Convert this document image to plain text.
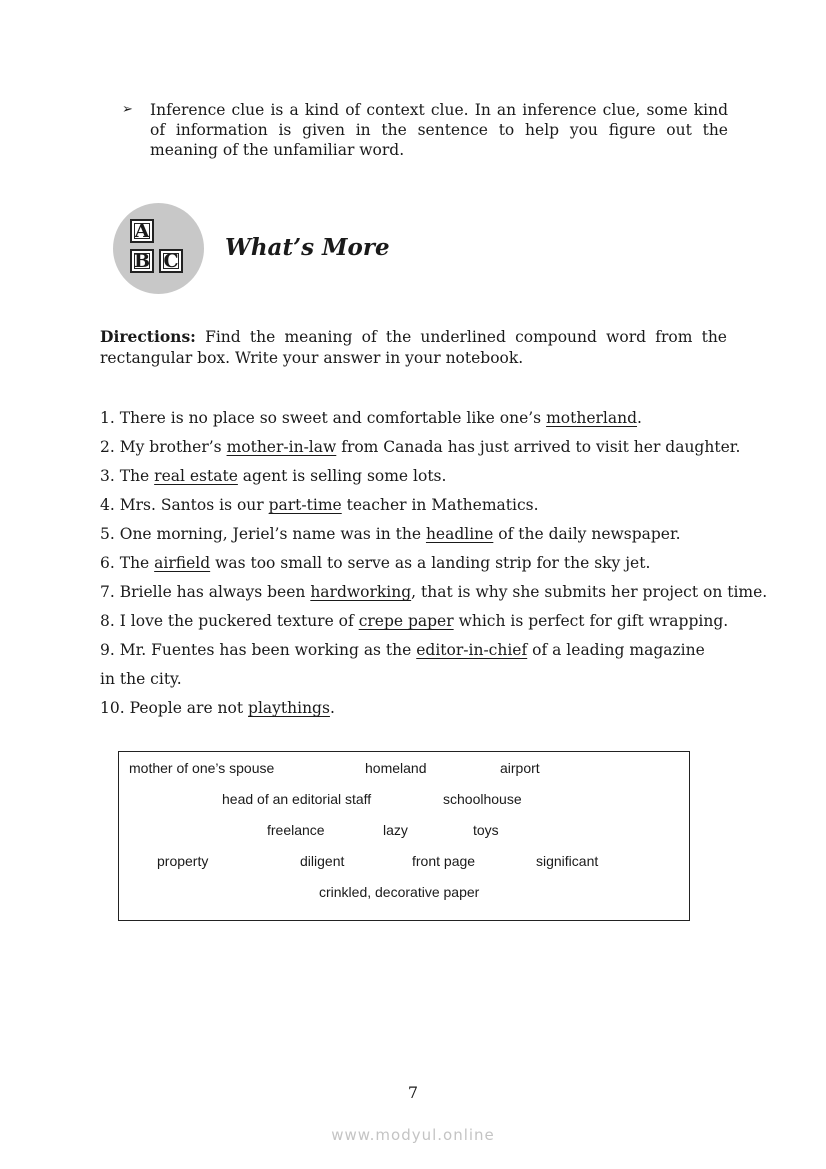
➢ Inference clue is a kind of context clue. In an inference clue, some kind of information is given in the sentence to help you figure out the meaning of the unfamiliar word.
A
B C What’s More
Directions: Find the meaning of the underlined compound word from the rectangular box. Write your answer in your notebook.
1. There is no place so sweet and comfortable like one’s motherland.
2. My brother’s mother-in-law from Canada has just arrived to visit her daughter.
3. The real estate agent is selling some lots.
4. Mrs. Santos is our part-time teacher in Mathematics.
5. One morning, Jeriel’s name was in the headline of the daily newspaper.
6. The airfield was too small to serve as a landing strip for the sky jet.
7. Brielle has always been hardworking, that is why she submits her project on time.
8. I love the puckered texture of crepe paper which is perfect for gift wrapping.
9. Mr. Fuentes has been working as the editor-in-chief of a leading magazine in the city.
10. People are not playthings.
mother of one’s spouse	homeland	airport
head of an editorial staff	schoolhouse
freelance	lazy	toys
property	diligent	front page	significant
crinkled, decorative paper
7
www.modyul.online
